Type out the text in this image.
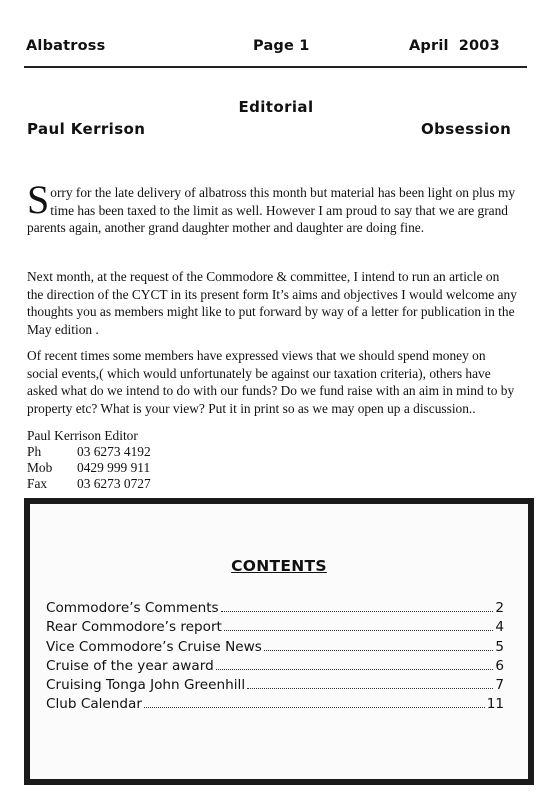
Albatross	Page 1	April 2003
Editorial
Paul Kerrison	Obsession

Sorry for the late delivery of albatross this month but material has been light on plus my time has been taxed to the limit as well. However I am proud to say that we are grand parents again, another grand daughter mother and daughter are doing fine.

Next month, at the request of the Commodore & committee, I intend to run an article on the direction of the CYCT in its present form It’s aims and objectives I would welcome any thoughts you as members might like to put forward by way of a letter for publication in the May edition .

Of recent times some members have expressed views that we should spend money on social events,( which would unfortunately be against our taxation criteria), others have asked what do we intend to do with our funds? Do we fund raise with an aim in mind to by property etc? What is your view? Put it in print so as we may open up a discussion..

Paul Kerrison Editor
Ph	03 6273 4192
Mob 0429 999 911
Fax 03 6273 0727
CONTENTS
Commodore’s Comments	2
Rear Commodore’s report	4
Vice Commodore’s Cruise News	5
Cruise of the year award	6
Cruising Tonga John Greenhill	7
Club Calendar	11
